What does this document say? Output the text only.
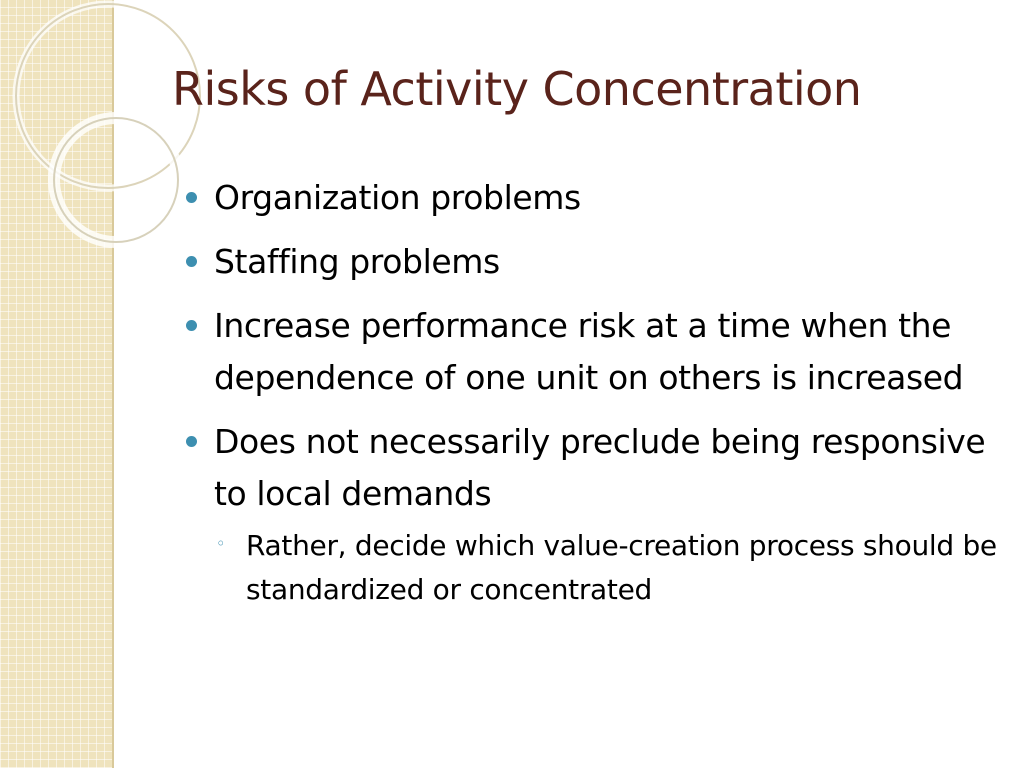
Risks of Activity Concentration
Organization problems
Staffing problems
Increase performance risk at a time when the dependence of one unit on others is increased
Does not necessarily preclude being responsive to local demands
◦ Rather, decide which value-creation process should be standardized or concentrated
